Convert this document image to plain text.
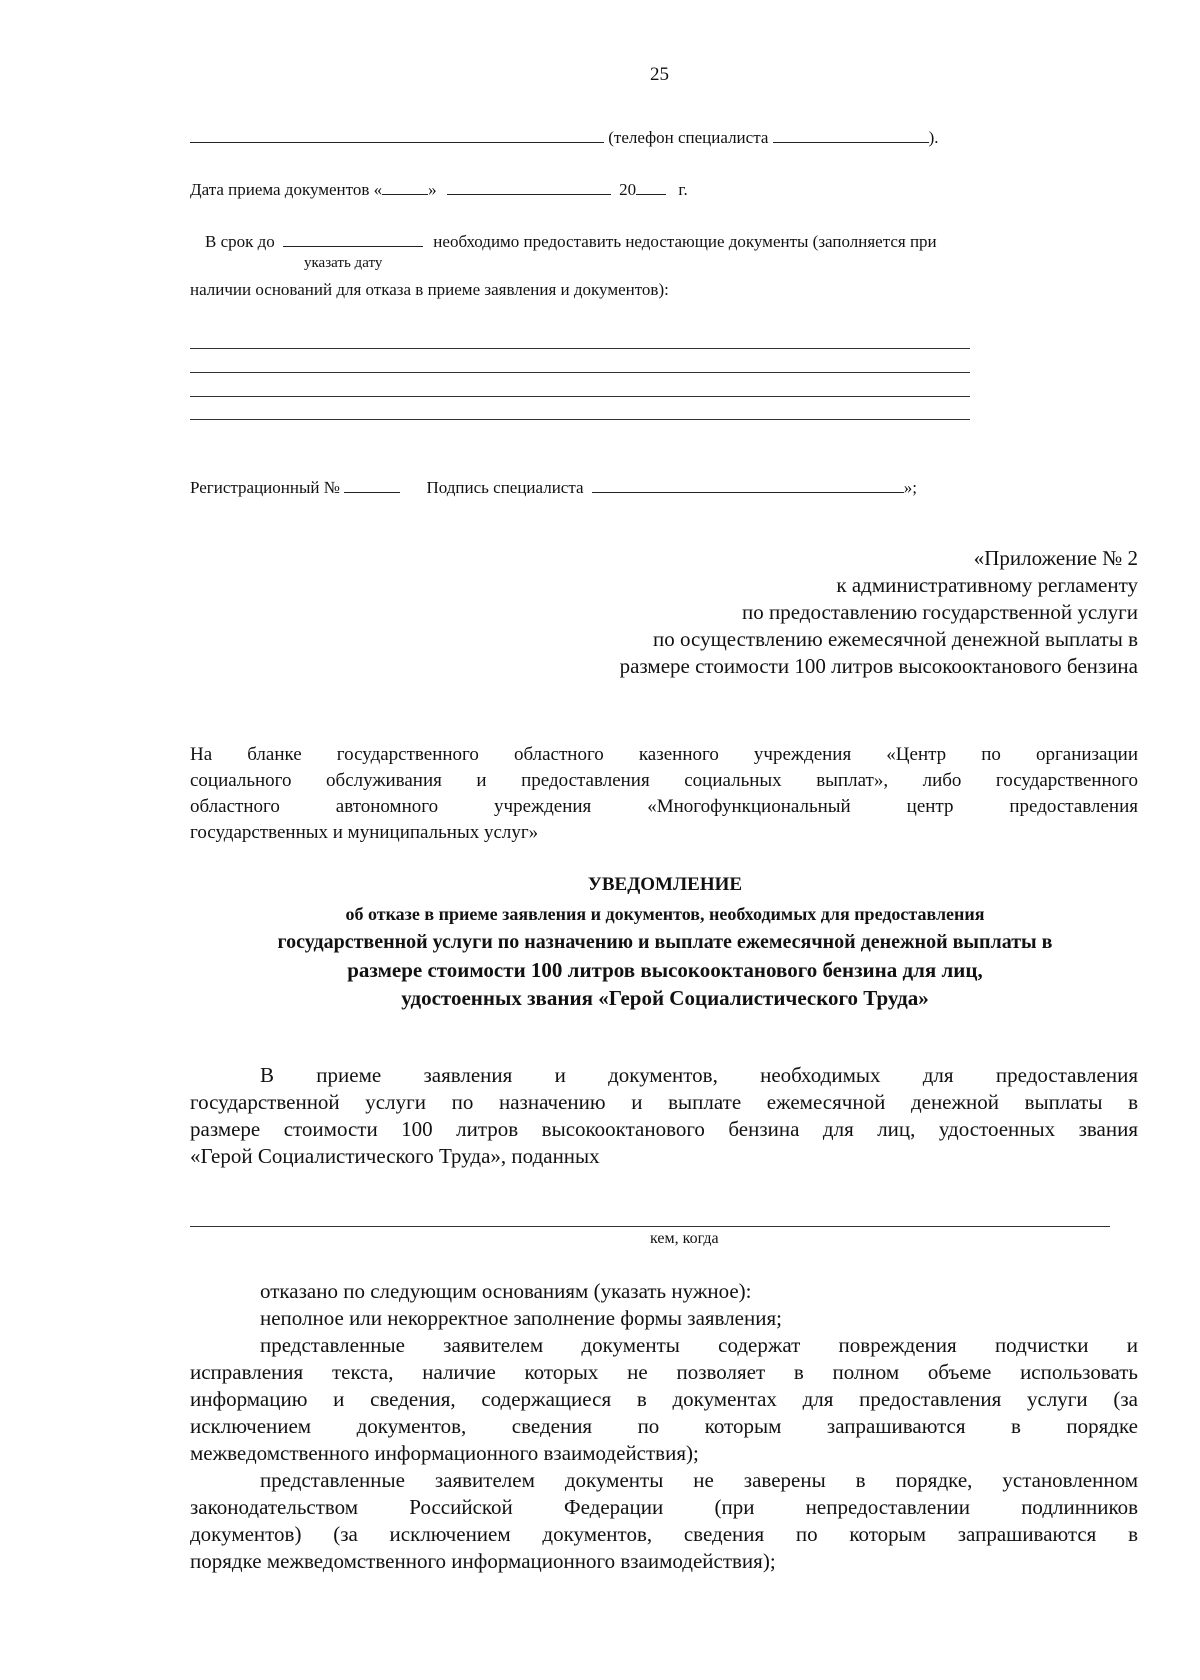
25
(телефон специалиста	).
Дата приема документов «	»	20 г.
В срок до	необходимо предоставить недостающие документы (заполняется при
указать дату
наличии оснований для отказа в приеме заявления и документов):
Регистрационный №	Подпись специалиста	»;

«Приложение № 2

к административному регламенту

по предоставлению государственной услуги

по осуществлению ежемесячной денежной выплаты в

размере стоимости 100 литров высокооктанового бензина

На бланке государственного областного казенного учреждения «Центр по организации

социального обслуживания и предоставления социальных выплат», либо государственного

областного автономного учреждения «Многофункциональный центр предоставления

государственных и муниципальных услуг»

УВЕДОМЛЕНИЕ

об отказе в приеме заявления и документов, необходимых для предоставления

государственной услуги по назначению и выплате ежемесячной денежной выплаты в

размере стоимости 100 литров высокооктанового бензина для лиц,

удостоенных звания «Герой Социалистического Труда»

В приеме заявления и документов, необходимых для предоставления

государственной услуги по назначению и выплате ежемесячной денежной выплаты в

размере стоимости 100 литров высокооктанового бензина для лиц, удостоенных звания

«Герой Социалистического Труда», поданных

кем, когда

отказано по следующим основаниям (указать нужное):

неполное или некорректное заполнение формы заявления;

представленные заявителем документы содержат повреждения подчистки и

исправления текста, наличие которых не позволяет в полном объеме использовать

информацию и сведения, содержащиеся в документах для предоставления услуги (за

исключением документов, сведения по которым запрашиваются в порядке

межведомственного информационного взаимодействия);

представленные заявителем документы не заверены в порядке, установленном

законодательством Российской Федерации (при непредоставлении подлинников

документов) (за исключением документов, сведения по которым запрашиваются в

порядке межведомственного информационного взаимодействия);
